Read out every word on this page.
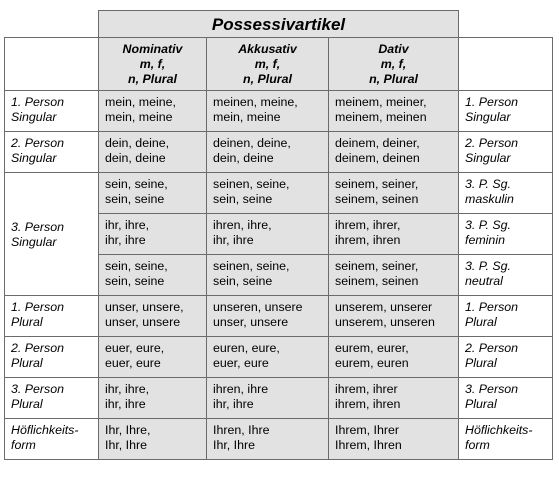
	Possessivartikel			

	Nominativ
m, f,
n, Plural	Akkusativ
m, f,
n, Plural	Dativ
m, f,
n, Plural	

1. Person
Singular	mein, meine,
mein, meine	meinen, meine,
mein, meine	meinem, meiner,
meinem, meinen	1. Person
Singular

2. Person
Singular	dein, deine,
dein, deine	deinen, deine,
dein, deine	deinem, deiner,
deinem, deinen	2. Person
Singular

3. Person
Singular	sein, seine,
sein, seine	seinen, seine,
sein, seine	seinem, seiner,
seinem, seinen	3. P. Sg.
maskulin

	ihr, ihre,
ihr, ihre	ihren, ihre,
ihr, ihre	ihrem, ihrer,
ihrem, ihren	3. P. Sg.
feminin

	sein, seine,
sein, seine	seinen, seine,
sein, seine	seinem, seiner,
seinem, seinen	3. P. Sg.
neutral

1. Person
Plural	unser, unsere,
unser, unsere	unseren, unsere
unser, unsere	unserem, unserer
unserem, unseren	1. Person
Plural

2. Person
Plural	euer, eure,
euer, eure	euren, eure,
euer, eure	eurem, eurer,
eurem, euren	2. Person
Plural

3. Person
Plural	ihr, ihre,
ihr, ihre	ihren, ihre
ihr, ihre	ihrem, ihrer
ihrem, ihren	3. Person
Plural

Höflichkeits-
form	Ihr, Ihre,
Ihr, Ihre	Ihren, Ihre
Ihr, Ihre	Ihrem, Ihrer
Ihrem, Ihren	Höflichkeits-
form
